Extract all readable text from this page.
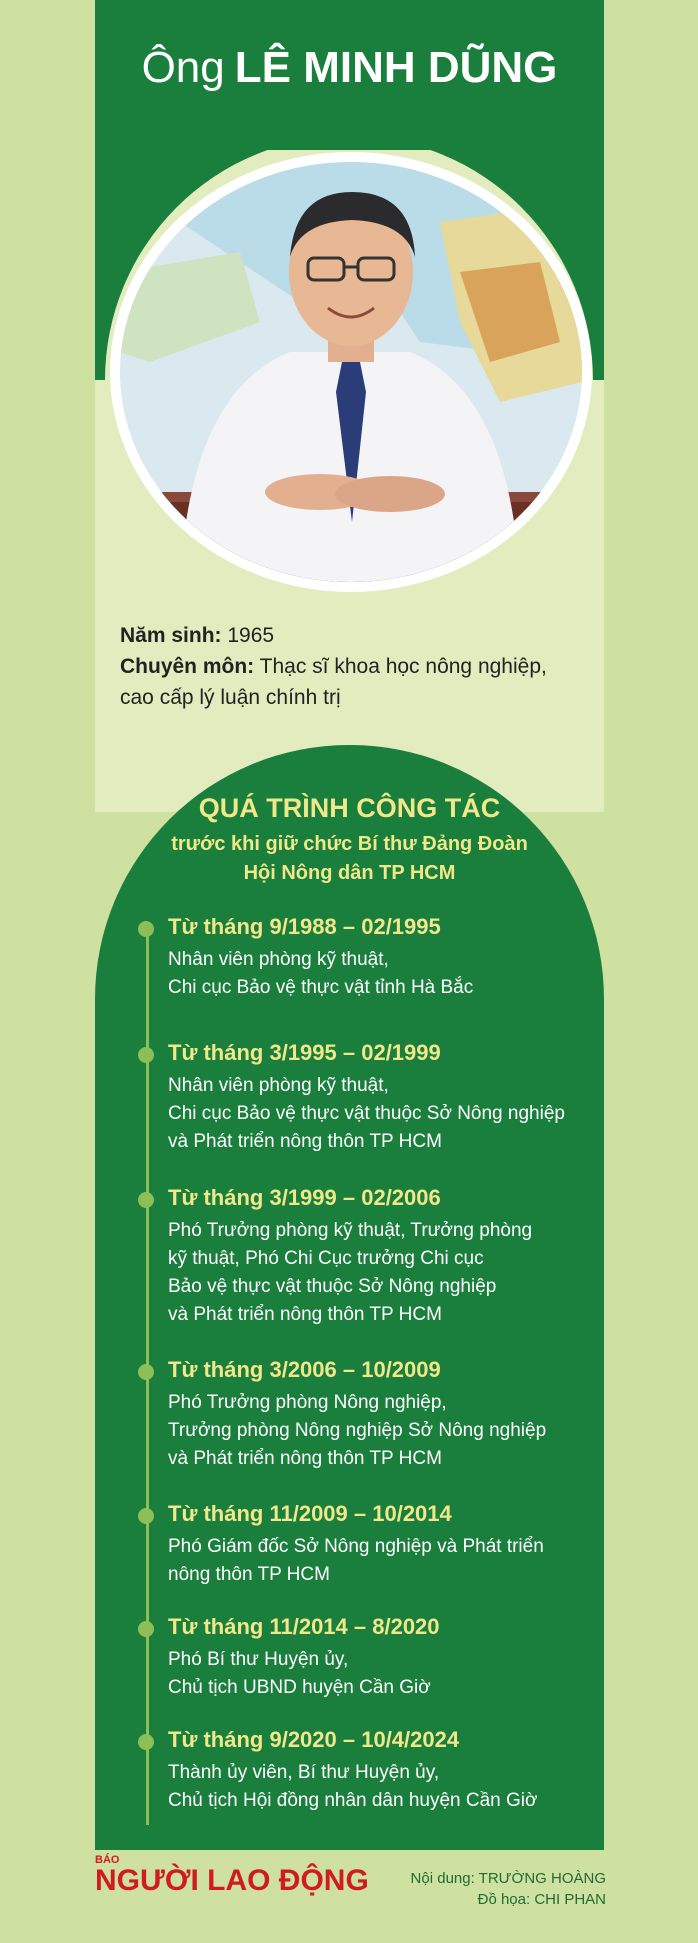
Ông LÊ MINH DŨNG
Năm sinh: 1965
Chuyên môn: Thạc sĩ khoa học nông nghiệp,
cao cấp lý luận chính trị
QUÁ TRÌNH CÔNG TÁC
trước khi giữ chức Bí thư Đảng Đoàn
Hội Nông dân TP HCM
Từ tháng 9/1988 – 02/1995
Nhân viên phòng kỹ thuật,
Chi cục Bảo vệ thực vật tỉnh Hà Bắc
Từ tháng 3/1995 – 02/1999
Nhân viên phòng kỹ thuật,
Chi cục Bảo vệ thực vật thuộc Sở Nông nghiệp
và Phát triển nông thôn TP HCM
Từ tháng 3/1999 – 02/2006
Phó Trưởng phòng kỹ thuật, Trưởng phòng
kỹ thuật, Phó Chi Cục trưởng Chi cục
Bảo vệ thực vật thuộc Sở Nông nghiệp
và Phát triển nông thôn TP HCM
Từ tháng 3/2006 – 10/2009
Phó Trưởng phòng Nông nghiệp,
Trưởng phòng Nông nghiệp Sở Nông nghiệp
và Phát triển nông thôn TP HCM
Từ tháng 11/2009 – 10/2014
Phó Giám đốc Sở Nông nghiệp và Phát triển
nông thôn TP HCM
Từ tháng 11/2014 – 8/2020
Phó Bí thư Huyện ủy,
Chủ tịch UBND huyện Cần Giờ
Từ tháng 9/2020 – 10/4/2024
Thành ủy viên, Bí thư Huyện ủy,
Chủ tịch Hội đồng nhân dân huyện Cần Giờ
BÁO
NGƯỜI LAO ĐỘNG	Nội dung: TRƯỜNG HOÀNG
Đồ họa: CHI PHAN
